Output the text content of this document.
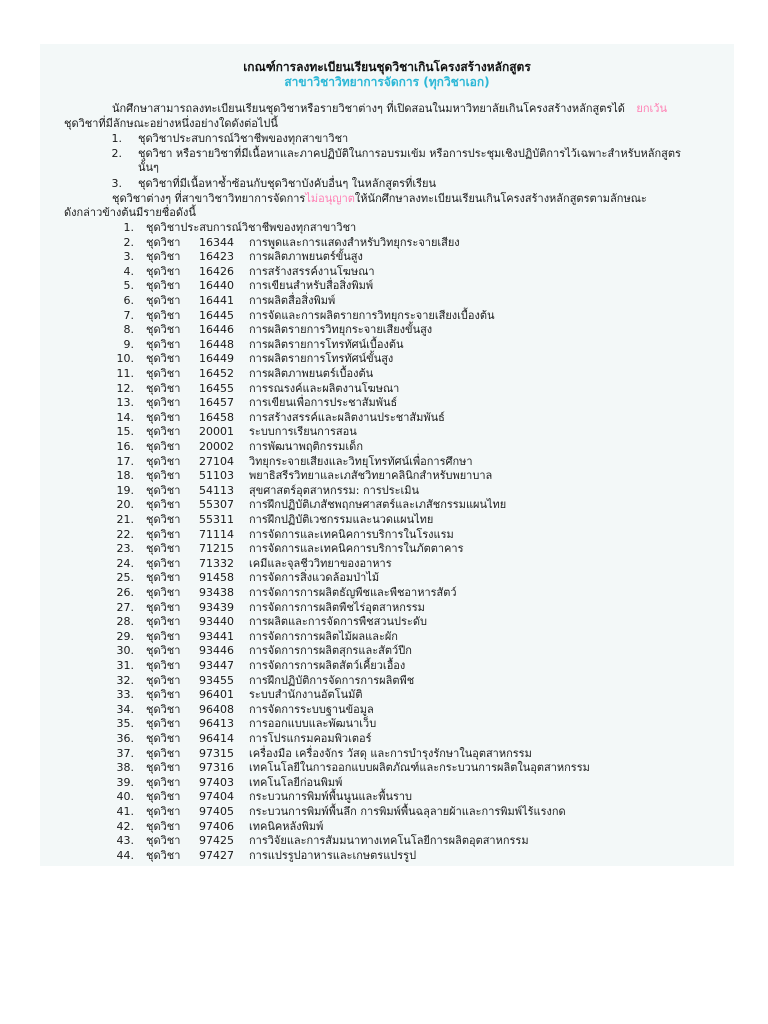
เกณฑ์การลงทะเบียนเรียนชุดวิชาเกินโครงสร้างหลักสูตร
สาขาวิชาวิทยาการจัดการ (ทุกวิชาเอก)
นักศึกษาสามารถลงทะเบียนเรียนชุดวิชาหรือรายวิชาต่างๆ ที่เปิดสอนในมหาวิทยาลัยเกินโครงสร้างหลักสูตรได้ ยกเว้น
ชุดวิชาที่มีลักษณะอย่างหนึ่งอย่างใดดังต่อไปนี้
1. ชุดวิชาประสบการณ์วิชาชีพของทุกสาขาวิชา
2. ชุดวิชา หรือรายวิชาที่มีเนื้อหาและภาคปฏิบัติในการอบรมเข้ม หรือการประชุมเชิงปฏิบัติการไว้เฉพาะสำหรับหลักสูตร
นั้นๆ
3. ชุดวิชาที่มีเนื้อหาซ้ำซ้อนกับชุดวิชาบังคับอื่นๆ ในหลักสูตรที่เรียน
ชุดวิชาต่างๆ ที่สาขาวิชาวิทยาการจัดการไม่อนุญาตให้นักศึกษาลงทะเบียนเรียนเกินโครงสร้างหลักสูตรตามลักษณะ
ดังกล่าวข้างต้นมีรายชื่อดังนี้
1. ชุดวิชาประสบการณ์วิชาชีพของทุกสาขาวิชา
2. ชุดวิชา 16344 การพูดและการแสดงสำหรับวิทยุกระจายเสียง
3. ชุดวิชา 16423 การผลิตภาพยนตร์ขั้นสูง
4. ชุดวิชา 16426 การสร้างสรรค์งานโฆษณา
5. ชุดวิชา 16440 การเขียนสำหรับสื่อสิ่งพิมพ์
6. ชุดวิชา 16441 การผลิตสื่อสิ่งพิมพ์
7. ชุดวิชา 16445 การจัดและการผลิตรายการวิทยุกระจายเสียงเบื้องต้น
8. ชุดวิชา 16446 การผลิตรายการวิทยุกระจายเสียงขั้นสูง
9. ชุดวิชา 16448 การผลิตรายการโทรทัศน์เบื้องต้น
10. ชุดวิชา 16449 การผลิตรายการโทรทัศน์ขั้นสูง
11. ชุดวิชา 16452 การผลิตภาพยนตร์เบื้องต้น
12. ชุดวิชา 16455 การรณรงค์และผลิตงานโฆษณา
13. ชุดวิชา 16457 การเขียนเพื่อการประชาสัมพันธ์
14. ชุดวิชา 16458 การสร้างสรรค์และผลิตงานประชาสัมพันธ์
15. ชุดวิชา 20001 ระบบการเรียนการสอน
16. ชุดวิชา 20002 การพัฒนาพฤติกรรมเด็ก
17. ชุดวิชา 27104 วิทยุกระจายเสียงและวิทยุโทรทัศน์เพื่อการศึกษา
18. ชุดวิชา 51103 พยาธิสรีรวิทยาและเภสัชวิทยาคลินิกสำหรับพยาบาล
19. ชุดวิชา 54113 สุขศาสตร์อุตสาหกรรม: การประเมิน
20. ชุดวิชา 55307 การฝึกปฏิบัติเภสัชพฤกษศาสตร์และเภสัชกรรมแผนไทย
21. ชุดวิชา 55311 การฝึกปฏิบัติเวชกรรมและนวดแผนไทย
22. ชุดวิชา 71114 การจัดการและเทคนิคการบริการในโรงแรม
23. ชุดวิชา 71215 การจัดการและเทคนิคการบริการในภัตตาคาร
24. ชุดวิชา 71332 เคมีและจุลชีววิทยาของอาหาร
25. ชุดวิชา 91458 การจัดการสิ่งแวดล้อมป่าไม้
26. ชุดวิชา 93438 การจัดการการผลิตธัญพืชและพืชอาหารสัตว์
27. ชุดวิชา 93439 การจัดการการผลิตพืชไร่อุตสาหกรรม
28. ชุดวิชา 93440 การผลิตและการจัดการพืชสวนประดับ
29. ชุดวิชา 93441 การจัดการการผลิตไม้ผลและผัก
30. ชุดวิชา 93446 การจัดการการผลิตสุกรและสัตว์ปีก
31. ชุดวิชา 93447 การจัดการการผลิตสัตว์เคี้ยวเอื้อง
32. ชุดวิชา 93455 การฝึกปฏิบัติการจัดการการผลิตพืช
33. ชุดวิชา 96401 ระบบสำนักงานอัตโนมัติ
34. ชุดวิชา 96408 การจัดการระบบฐานข้อมูล
35. ชุดวิชา 96413 การออกแบบและพัฒนาเว็บ
36. ชุดวิชา 96414 การโปรแกรมคอมพิวเตอร์
37. ชุดวิชา 97315 เครื่องมือ เครื่องจักร วัสดุ และการบำรุงรักษาในอุตสาหกรรม
38. ชุดวิชา 97316 เทคโนโลยีในการออกแบบผลิตภัณฑ์และกระบวนการผลิตในอุตสาหกรรม
39. ชุดวิชา 97403 เทคโนโลยีก่อนพิมพ์
40. ชุดวิชา 97404 กระบวนการพิมพ์พื้นนูนและพื้นราบ
41. ชุดวิชา 97405 กระบวนการพิมพ์พื้นลึก การพิมพ์พื้นฉลุลายผ้าและการพิมพ์ไร้แรงกด
42. ชุดวิชา 97406 เทคนิคหลังพิมพ์
43. ชุดวิชา 97425 การวิจัยและการสัมมนาทางเทคโนโลยีการผลิตอุตสาหกรรม
44. ชุดวิชา 97427 การแปรรูปอาหารและเกษตรแปรรูป
